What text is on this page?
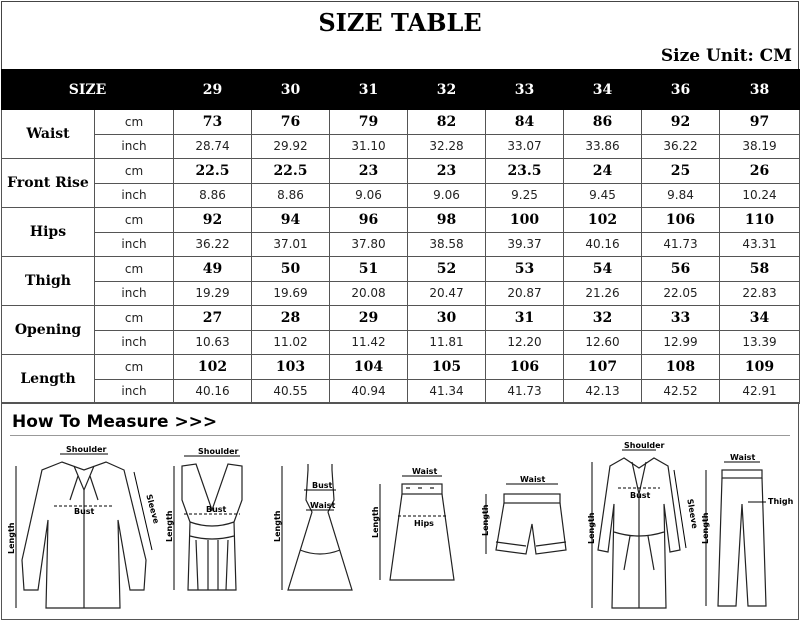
SIZE TABLE
Size Unit: CM
SIZE		29	30	31	32	33	34	36	38
Waist	cm	73	76	79	82	84	86	92	97
	inch	28.74	29.92	31.10	32.28	33.07	33.86	36.22	38.19
Front Rise	cm	22.5	22.5	23	23	23.5	24	25	26
	inch	8.86	8.86	9.06	9.06	9.25	9.45	9.84	10.24
Hips	cm	92	94	96	98	100	102	106	110
	inch	36.22	37.01	37.80	38.58	39.37	40.16	41.73	43.31
Thigh	cm	49	50	51	52	53	54	56	58
	inch	19.29	19.69	20.08	20.47	20.87	21.26	22.05	22.83
Opening	cm	27	28	29	30	31	32	33	34
	inch	10.63	11.02	11.42	11.81	12.20	12.60	12.99	13.39
Length	cm	102	103	104	105	106	107	108	109
	inch	40.16	40.55	40.94	41.34	41.73	42.13	42.52	42.91
How To Measure >>>
Shoulder
Bust
Length
Sleeve
Shoulder
Bust
Length
Bust
Waist
Length
Waist
Hips
Length
Waist
Length
Shoulder
Bust
Length	Sleeve
Waist
Thigh
Length
